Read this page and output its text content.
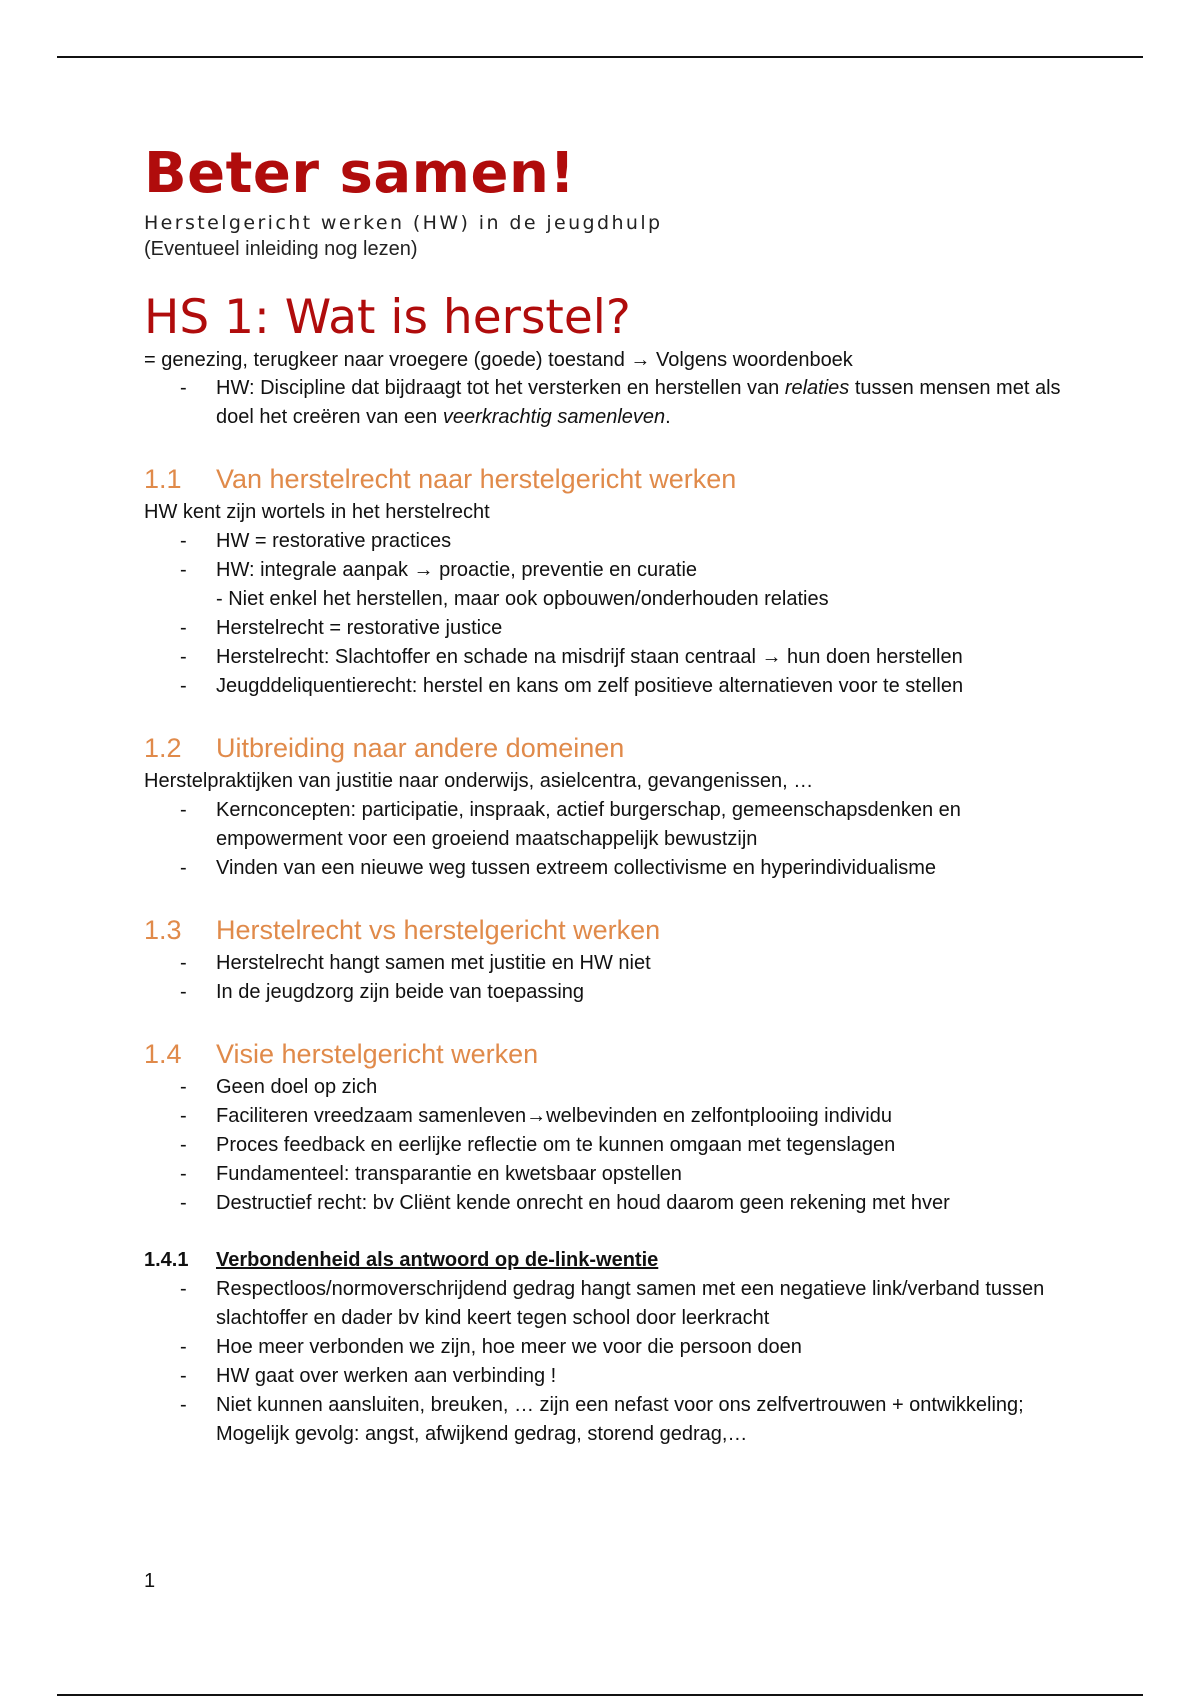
Beter samen!
Herstelgericht werken (HW) in de jeugdhulp
(Eventueel inleiding nog lezen)
HS 1: Wat is herstel?
= genezing, terugkeer naar vroegere (goede) toestand → Volgens woordenboek
- HW: Discipline dat bijdraagt tot het versterken en herstellen van relaties tussen mensen met als doel het creëren van een veerkrachtig samenleven.
1.1	Van herstelrecht naar herstelgericht werken
HW kent zijn wortels in het herstelrecht
- HW = restorative practices
- HW: integrale aanpak → proactie, preventie en curatie
- Niet enkel het herstellen, maar ook opbouwen/onderhouden relaties
- Herstelrecht = restorative justice
- Herstelrecht: Slachtoffer en schade na misdrijf staan centraal → hun doen herstellen
- Jeugddeliquentierecht: herstel en kans om zelf positieve alternatieven voor te stellen
1.2	Uitbreiding naar andere domeinen
Herstelpraktijken van justitie naar onderwijs, asielcentra, gevangenissen, …
- Kernconcepten: participatie, inspraak, actief burgerschap, gemeenschapsdenken en empowerment voor een groeiend maatschappelijk bewustzijn
- Vinden van een nieuwe weg tussen extreem collectivisme en hyperindividualisme
1.3	Herstelrecht vs herstelgericht werken
- Herstelrecht hangt samen met justitie en HW niet
- In de jeugdzorg zijn beide van toepassing
1.4	Visie herstelgericht werken
- Geen doel op zich
- Faciliteren vreedzaam samenleven→welbevinden en zelfontplooiing individu
- Proces feedback en eerlijke reflectie om te kunnen omgaan met tegenslagen
- Fundamenteel: transparantie en kwetsbaar opstellen
- Destructief recht: bv Cliënt kende onrecht en houd daarom geen rekening met hver
1.4.1	Verbondenheid als antwoord op de-link-wentie
- Respectloos/normoverschrijdend gedrag hangt samen met een negatieve link/verband tussen slachtoffer en dader bv kind keert tegen school door leerkracht
- Hoe meer verbonden we zijn, hoe meer we voor die persoon doen
- HW gaat over werken aan verbinding !
- Niet kunnen aansluiten, breuken, … zijn een nefast voor ons zelfvertrouwen + ontwikkeling; Mogelijk gevolg: angst, afwijkend gedrag, storend gedrag,…
1
